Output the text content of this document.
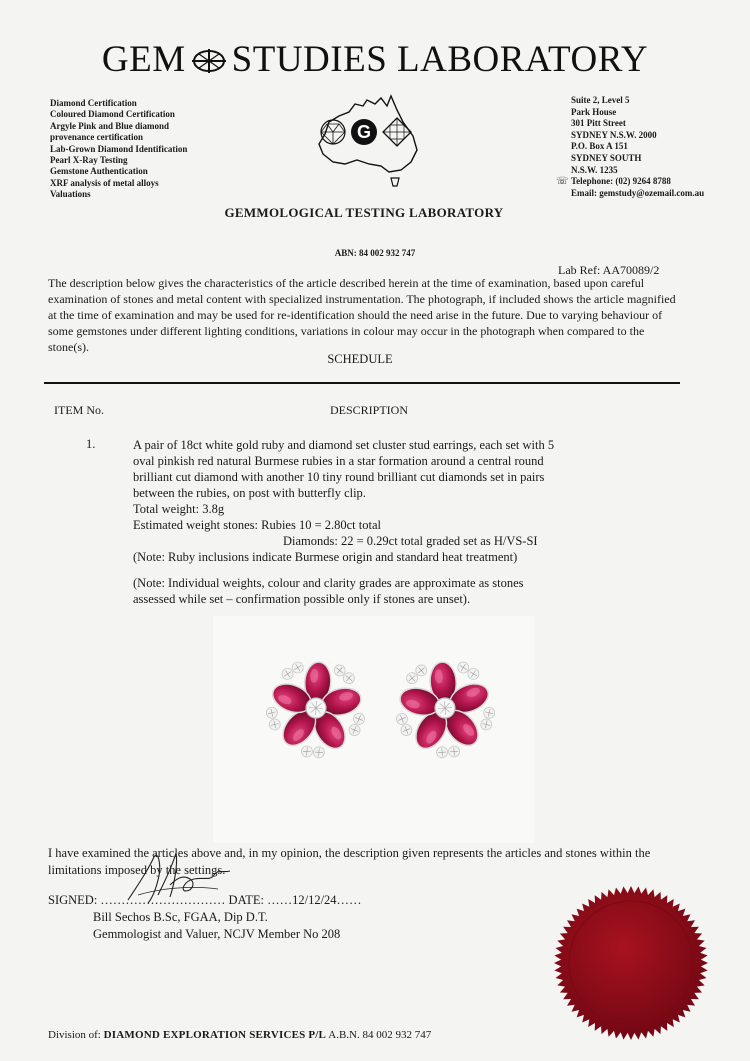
GEM STUDIES LABORATORY
Diamond Certification
Coloured Diamond Certification
Argyle Pink and Blue diamond
provenance certification
Lab-Grown Diamond Identification
Pearl X-Ray Testing
Gemstone Authentication
XRF analysis of metal alloys
Valuations
G
Suite 2, Level 5
Park House
301 Pitt Street
SYDNEY N.S.W. 2000
P.O. Box A 151
SYDNEY SOUTH
N.S.W. 1235
☏ Telephone: (02) 9264 8788
Email: gemstudy@ozemail.com.au
GEMMOLOGICAL TESTING LABORATORY
ABN: 84 002 932 747
Lab Ref: AA70089/2
The description below gives the characteristics of the article described herein at the time of examination, based upon careful examination of stones and metal content with specialized instrumentation. The photograph, if included shows the article magnified at the time of examination and may be used for re-identification should the need arise in the future. Due to varying behaviour of some gemstones under different lighting conditions, variations in colour may occur in the photograph when compared to the stone(s).
SCHEDULE
ITEM No.	DESCRIPTION
1.	A pair of 18ct white gold ruby and diamond set cluster stud earrings, each set with 5
oval pinkish red natural Burmese rubies in a star formation around a central round
brilliant cut diamond with another 10 tiny round brilliant cut diamonds set in pairs
between the rubies, on post with butterfly clip.
Total weight: 3.8g
Estimated weight stones: Rubies 10 = 2.80ct total
Diamonds: 22 = 0.29ct total graded set as H/VS-SI
(Note: Ruby inclusions indicate Burmese origin and standard heat treatment)
(Note: Individual weights, colour and clarity grades are approximate as stones
assessed while set – confirmation possible only if stones are unset).
I have examined the articles above and, in my opinion, the description given represents the articles and stones within the limitations imposed by the settings.
SIGNED: ………………………… DATE: ……12/12/24……
Bill Sechos B.Sc, FGAA, Dip D.T.
Gemmologist and Valuer, NCJV Member No 208
Division of: DIAMOND EXPLORATION SERVICES P/L A.B.N. 84 002 932 747
